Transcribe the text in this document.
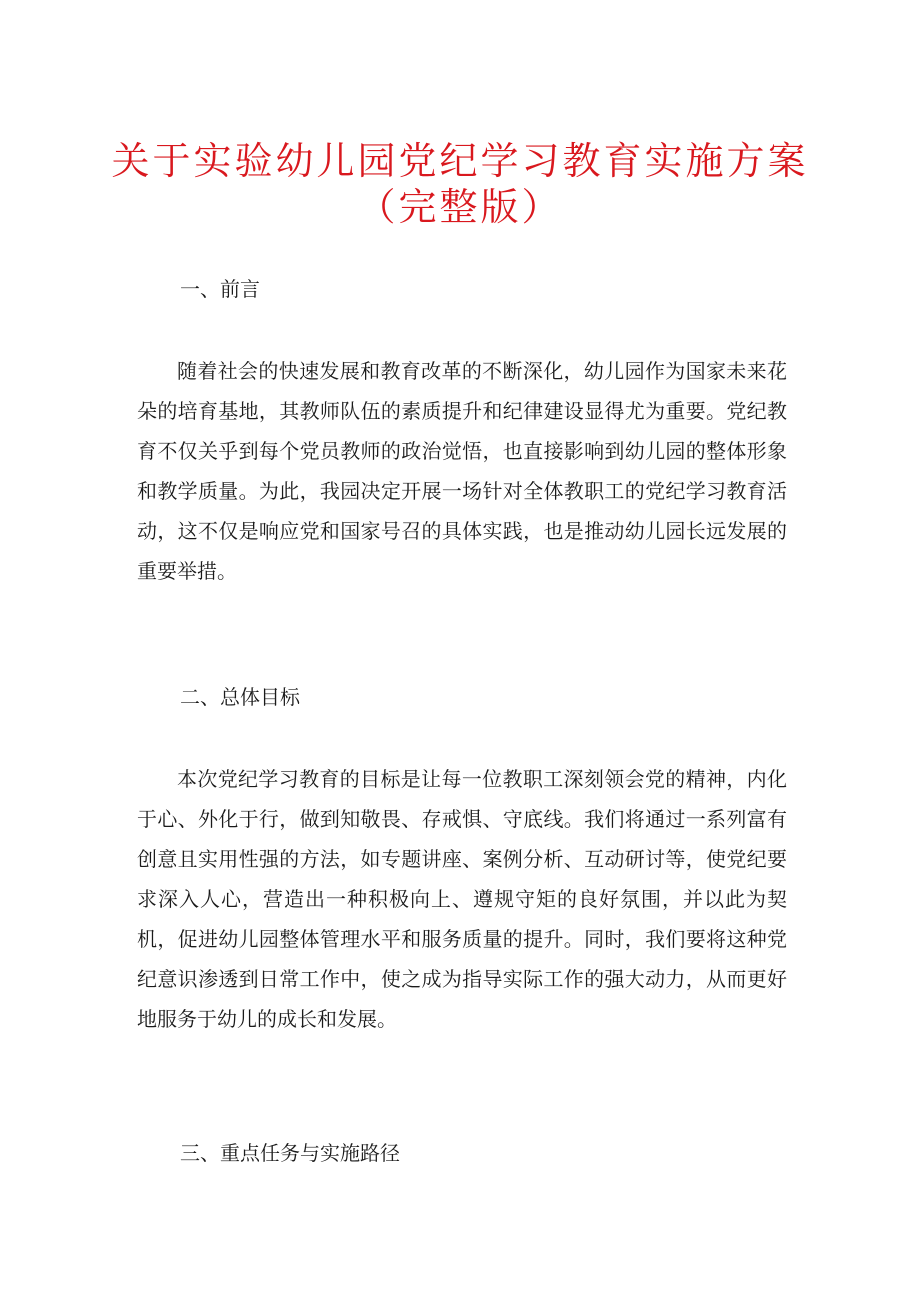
关于实验幼儿园党纪学习教育实施方案
（完整版）
一、前言

随着社会的快速发展和教育改革的不断深化，幼儿园作为国家未来花朵的培育基地，其教师队伍的素质提升和纪律建设显得尤为重要。党纪教育不仅关乎到每个党员教师的政治觉悟，也直接影响到幼儿园的整体形象和教学质量。为此，我园决定开展一场针对全体教职工的党纪学习教育活动，这不仅是响应党和国家号召的具体实践，也是推动幼儿园长远发展的重要举措。

二、总体目标

本次党纪学习教育的目标是让每一位教职工深刻领会党的精神，内化于心、外化于行，做到知敬畏、存戒惧、守底线。我们将通过一系列富有创意且实用性强的方法，如专题讲座、案例分析、互动研讨等，使党纪要求深入人心，营造出一种积极向上、遵规守矩的良好氛围，并以此为契机，促进幼儿园整体管理水平和服务质量的提升。同时，我们要将这种党纪意识渗透到日常工作中，使之成为指导实际工作的强大动力，从而更好地服务于幼儿的成长和发展。

三、重点任务与实施路径
